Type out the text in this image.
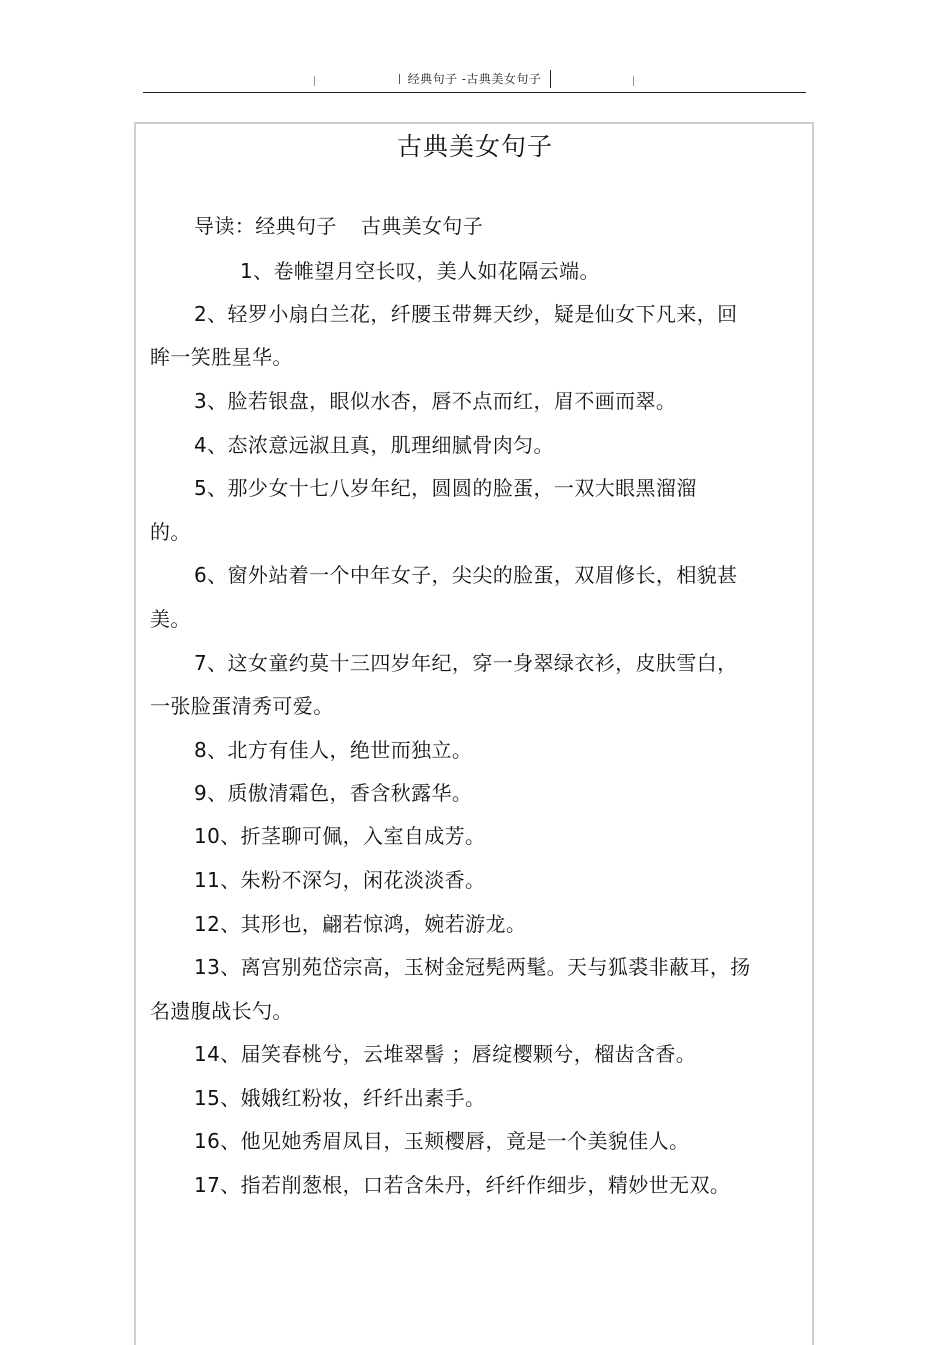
经典句子 -古典美女句子
古典美女句子
导读：经典句子 古典美女句子
1、卷帷望月空长叹，美人如花隔云端。
2、轻罗小扇白兰花，纤腰玉带舞天纱，疑是仙女下凡来，回
眸一笑胜星华。
3、脸若银盘，眼似水杏，唇不点而红，眉不画而翠。
4、态浓意远淑且真，肌理细腻骨肉匀。
5、那少女十七八岁年纪，圆圆的脸蛋，一双大眼黑溜溜
的。
6、窗外站着一个中年女子，尖尖的脸蛋，双眉修长，相貌甚
美。
7、这女童约莫十三四岁年纪，穿一身翠绿衣衫，皮肤雪白，
一张脸蛋清秀可爱。
8、北方有佳人，绝世而独立。
9、质傲清霜色，香含秋露华。
10、折茎聊可佩，入室自成芳。
11、朱粉不深匀，闲花淡淡香。
12、其形也，翩若惊鸿，婉若游龙。
13、离宫别苑岱宗高，玉树金冠髡两髦。天与狐裘非蔽耳，扬
名遗腹战长勺。
14、届笑春桃兮，云堆翠髻 ；唇绽樱颗兮，榴齿含香。
15、娥娥红粉妆，纤纤出素手。
16、他见她秀眉凤目，玉颊樱唇，竟是一个美貌佳人。
17、指若削葱根，口若含朱丹，纤纤作细步，精妙世无双。
